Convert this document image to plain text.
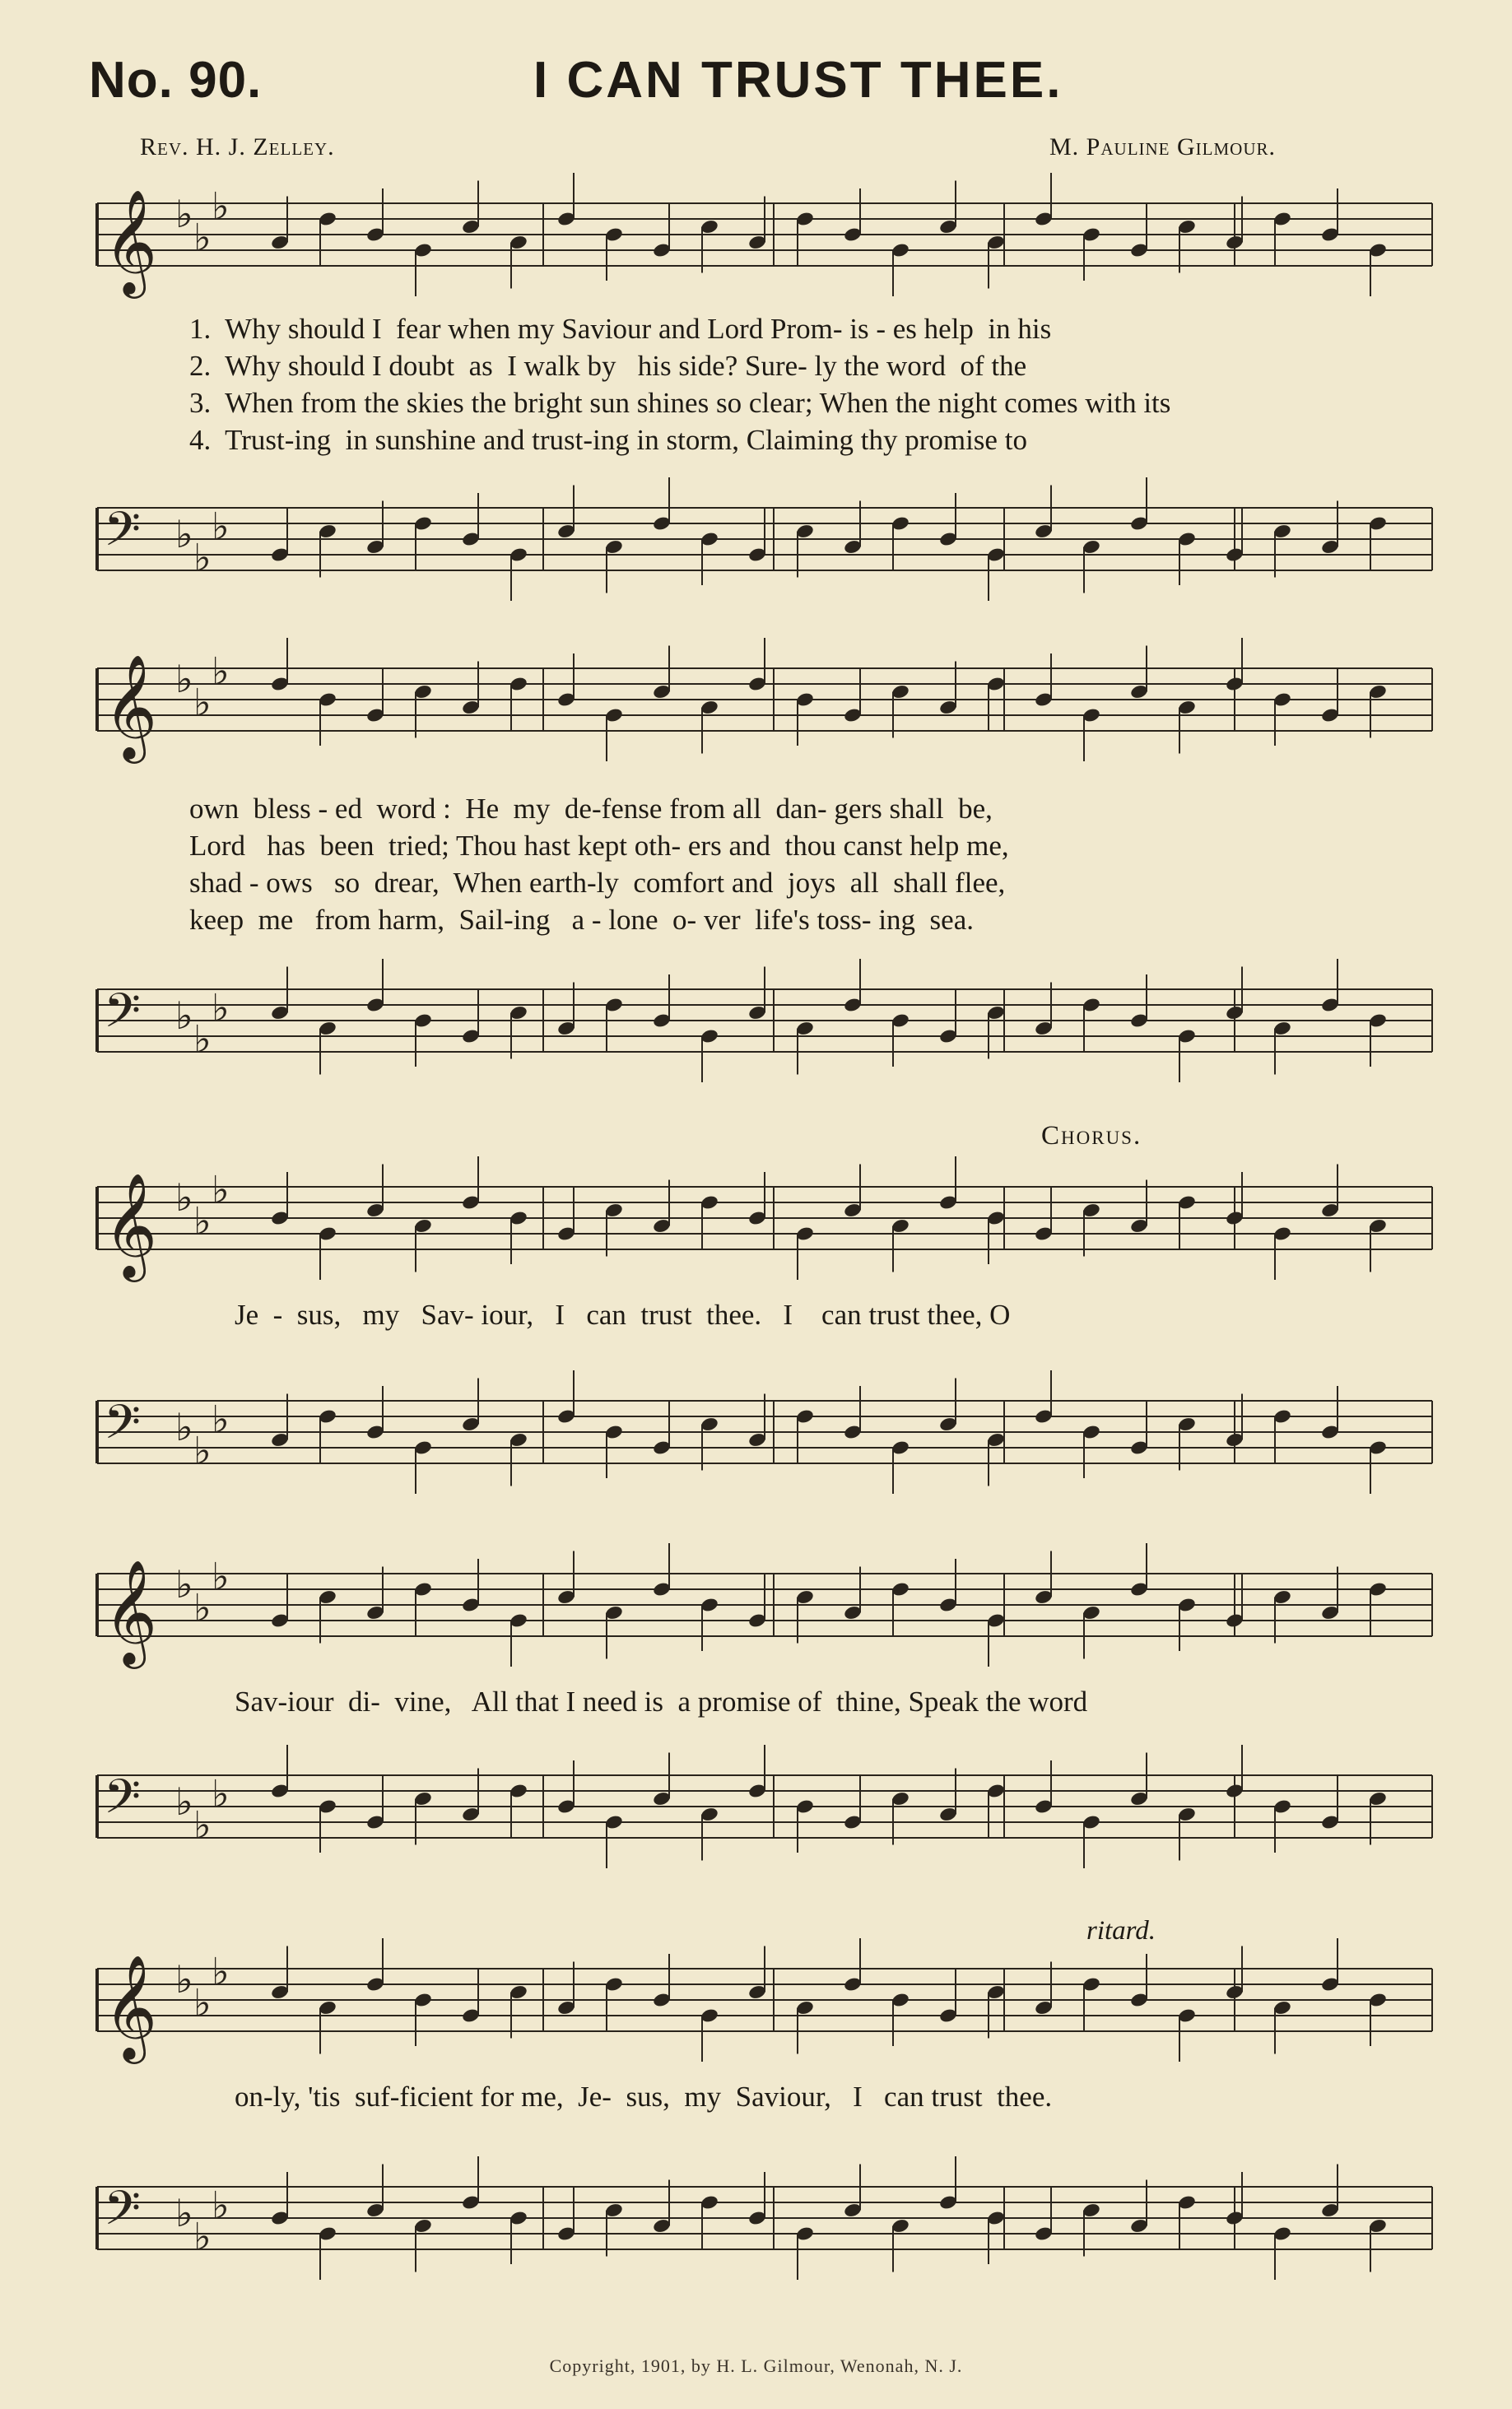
No. 90.	I CAN TRUST THEE.
Rev. H. J. Zelley.	M. Pauline Gilmour.
𝄞 ♭
♭
♭
𝄢 ♭
♭
♭
1.  Why should I  fear when my Saviour and Lord Prom- is - es help  in his
2.  Why should I doubt  as  I walk by   his side? Sure- ly the word  of the
3.  When from the skies the bright sun shines so clear; When the night comes with its
4.  Trust-ing  in sunshine and trust-ing in storm, Claiming thy promise to
𝄞 ♭
♭
♭
𝄢 ♭
♭
♭
own  bless - ed  word :  He  my  de-fense from all  dan- gers shall  be,
Lord   has  been  tried; Thou hast kept oth- ers and  thou canst help me,
shad - ows   so  drear,  When earth-ly  comfort and  joys  all  shall flee,
keep  me   from harm,  Sail-ing   a - lone  o- ver  life's toss- ing  sea.
Chorus.
𝄞 ♭
♭
♭
𝄢 ♭
♭
♭
Je  -  sus,   my   Sav- iour,   I   can  trust  thee.   I    can trust thee, O
𝄞 ♭
♭
♭
𝄢 ♭
♭
♭
Sav-iour  di-  vine,   All that I need is  a promise of  thine, Speak the word
ritard.
𝄞 ♭
♭
♭
𝄢 ♭
♭
♭
on-ly, 'tis  suf-ficient for me,  Je-  sus,  my  Saviour,   I   can trust  thee.
Copyright, 1901, by H. L. Gilmour, Wenonah, N. J.
